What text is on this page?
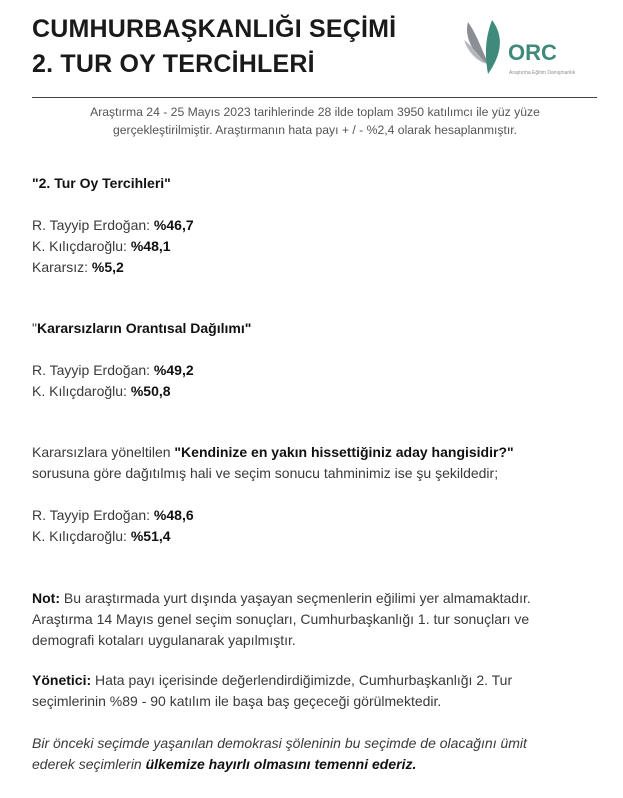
CUMHURBAŞKANLIĞI SEÇİMİ
2. TUR OY TERCİHLERİ	ORC
Araştırma Eğitim Danışmanlık
Araştırma 24 - 25 Mayıs 2023 tarihlerinde 28 ilde toplam 3950 katılımcı ile yüz yüze
gerçekleştirilmiştir. Araştırmanın hata payı + / - %2,4 olarak hesaplanmıştır.
"2. Tur Oy Tercihleri"
R. Tayyip Erdoğan: %46,7
K. Kılıçdaroğlu: %48,1
Kararsız: %5,2
"Kararsızların Orantısal Dağılımı"
R. Tayyip Erdoğan: %49,2
K. Kılıçdaroğlu: %50,8
Kararsızlara yöneltilen "Kendinize en yakın hissettiğiniz aday hangisidir?"
sorusuna göre dağıtılmış hali ve seçim sonucu tahminimiz ise şu şekildedir;
R. Tayyip Erdoğan: %48,6
K. Kılıçdaroğlu: %51,4
Not: Bu araştırmada yurt dışında yaşayan seçmenlerin eğilimi yer almamaktadır.
Araştırma 14 Mayıs genel seçim sonuçları, Cumhurbaşkanlığı 1. tur sonuçları ve
demografi kotaları uygulanarak yapılmıştır.
Yönetici: Hata payı içerisinde değerlendirdiğimizde, Cumhurbaşkanlığı 2. Tur
seçimlerinin %89 - 90 katılım ile başa baş geçeceği görülmektedir.
Bir önceki seçimde yaşanılan demokrasi şöleninin bu seçimde de olacağını ümit
ederek seçimlerin ülkemize hayırlı olmasını temenni ederiz.
